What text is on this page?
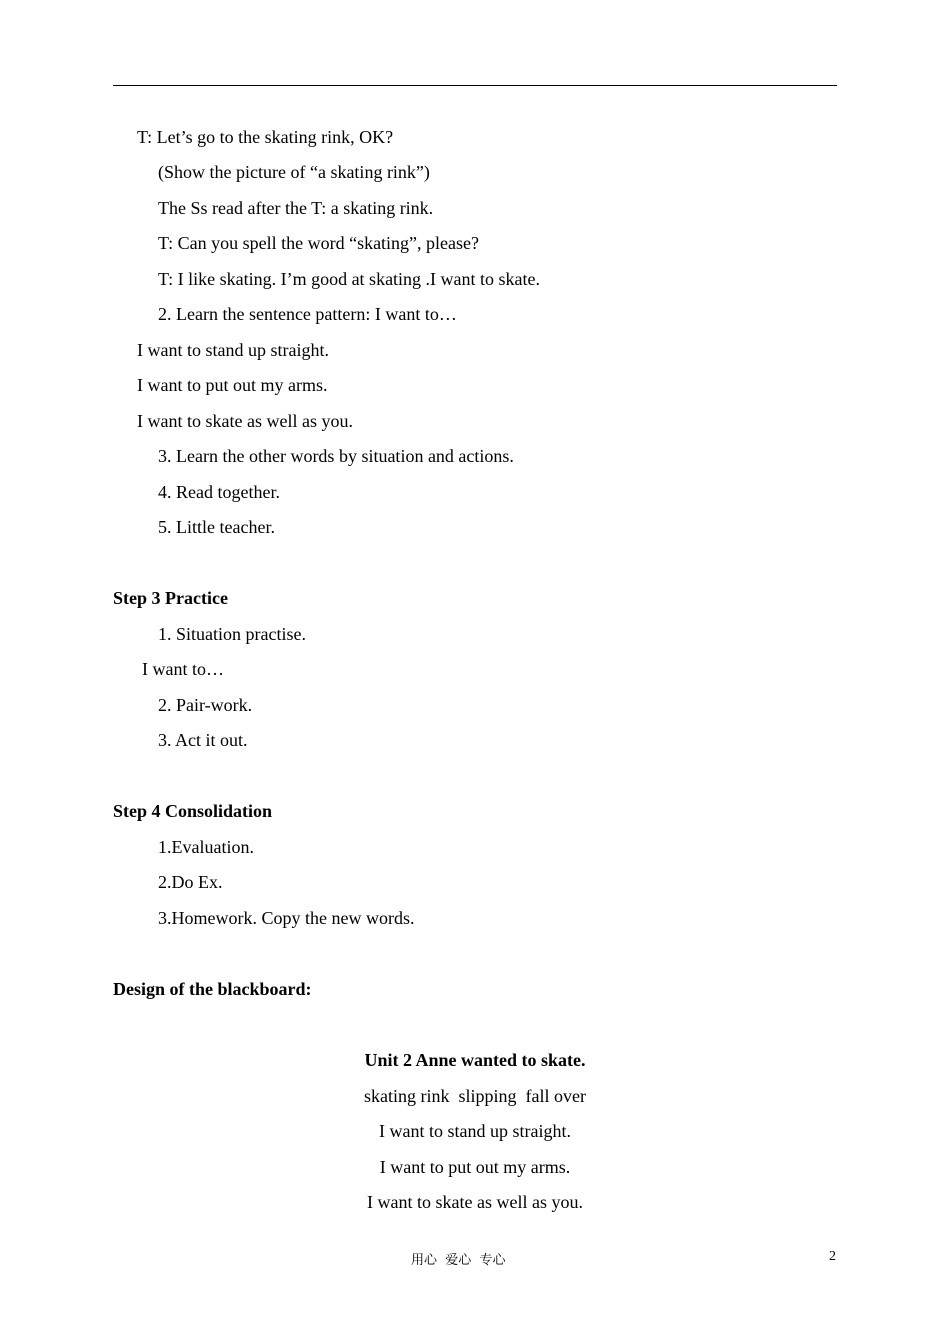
T: Let’s go to the skating rink, OK?
(Show the picture of “a skating rink”)
The Ss read after the T: a skating rink.
T: Can you spell the word “skating”, please?
T: I like skating. I’m good at skating .I want to skate.
2. Learn the sentence pattern: I want to…
I want to stand up straight.
I want to put out my arms.
I want to skate as well as you.
3. Learn the other words by situation and actions.
4. Read together.
5. Little teacher.
Step 3 Practice
1. Situation practise.
I want to…
2. Pair-work.
3. Act it out.
Step 4 Consolidation
1.Evaluation.
2.Do Ex.
3.Homework. Copy the new words.
Design of the blackboard:
Unit 2 Anne wanted to skate.
skating rink  slipping  fall over
I want to stand up straight.
I want to put out my arms.
I want to skate as well as you.
用心  爱心  专心	2
